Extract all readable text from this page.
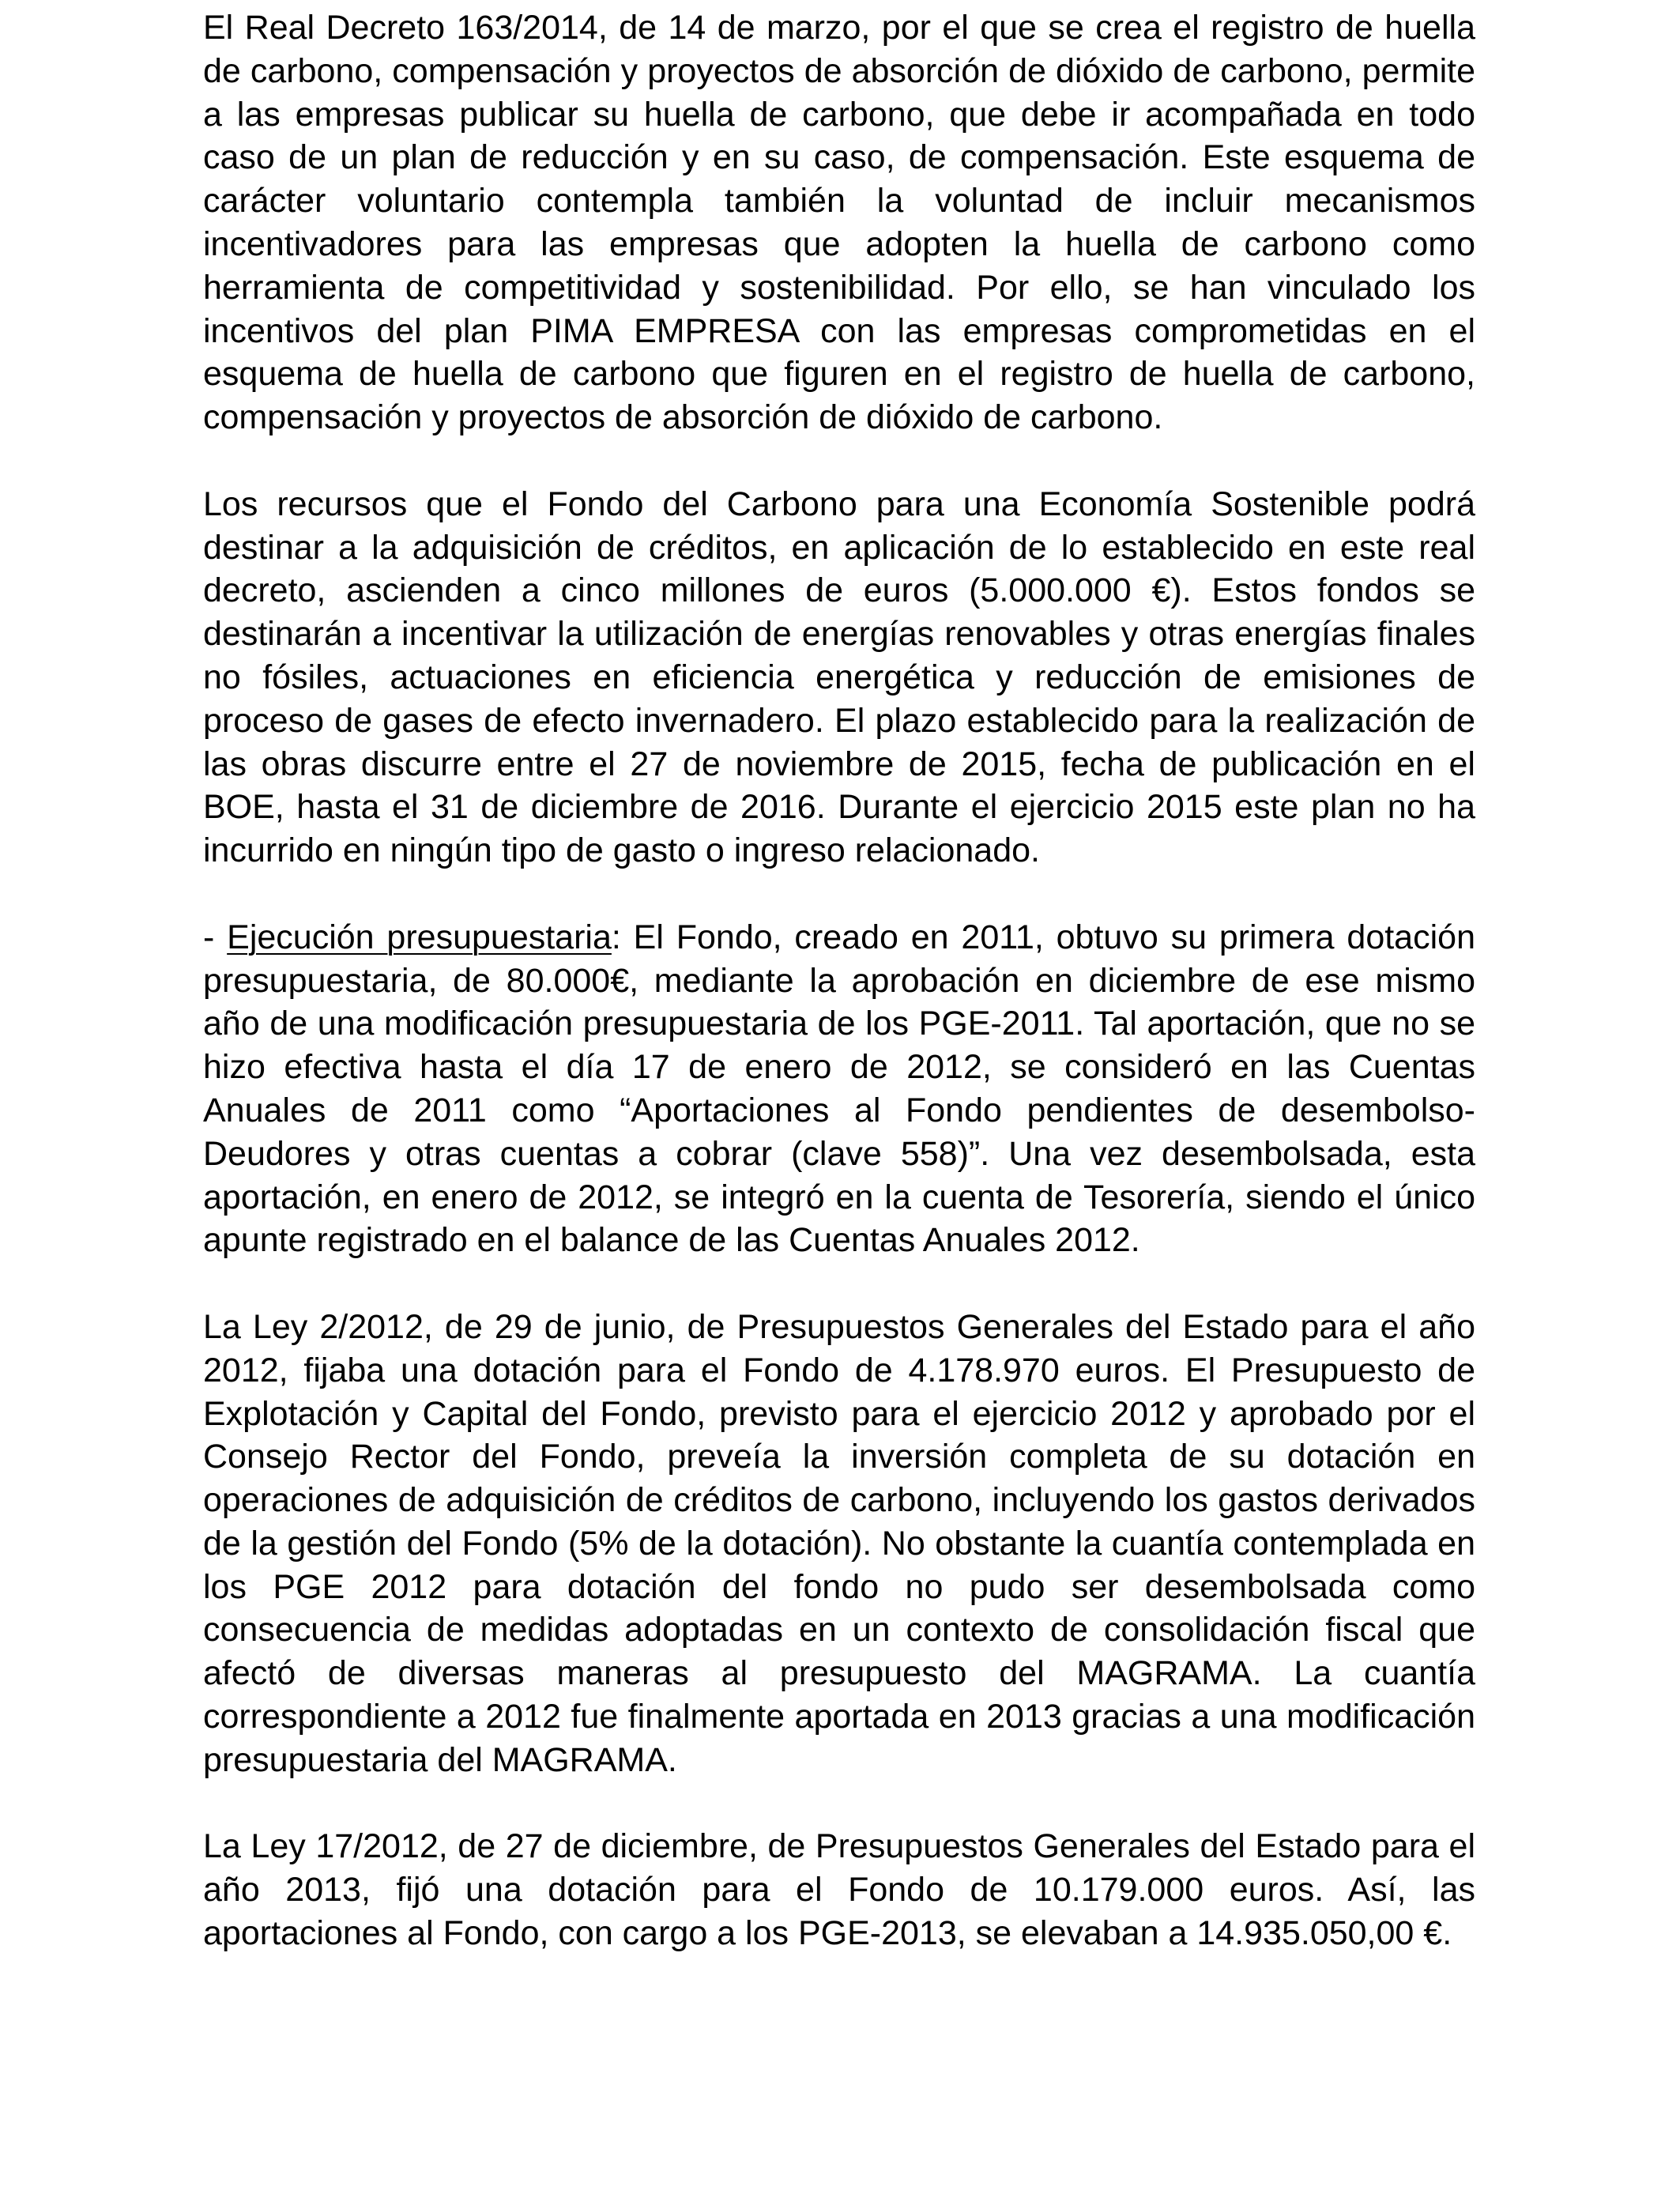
El Real Decreto 163/2014, de 14 de marzo, por el que se crea el registro de huella de carbono, compensación y proyectos de absorción de dióxido de carbono, permite a las empresas publicar su huella de carbono, que debe ir acompañada en todo caso de un plan de reducción y en su caso, de compensación. Este esquema de carácter voluntario contempla también la voluntad de incluir mecanismos incentivadores para las empresas que adopten la huella de carbono como herramienta de competitividad y sostenibilidad. Por ello, se han vinculado los incentivos del plan PIMA EMPRESA con las empresas comprometidas en el esquema de huella de carbono que figuren en el registro de huella de carbono, compensación y proyectos de absorción de dióxido de carbono.

Los recursos que el Fondo del Carbono para una Economía Sostenible podrá destinar a la adquisición de créditos, en aplicación de lo establecido en este real decreto, ascienden a cinco millones de euros (5.000.000 €). Estos fondos se destinarán a incentivar la utilización de energías renovables y otras energías finales no fósiles, actuaciones en eficiencia energética y reducción de emisiones de proceso de gases de efecto invernadero. El plazo establecido para la realización de las obras discurre entre el 27 de noviembre de 2015, fecha de publicación en el BOE, hasta el 31 de diciembre de 2016. Durante el ejercicio 2015 este plan no ha incurrido en ningún tipo de gasto o ingreso relacionado.

- Ejecución presupuestaria: El Fondo, creado en 2011, obtuvo su primera dotación presupuestaria, de 80.000€, mediante la aprobación en diciembre de ese mismo año de una modificación presupuestaria de los PGE-2011. Tal aportación, que no se hizo efectiva hasta el día 17 de enero de 2012, se consideró en las Cuentas Anuales de 2011 como “Aportaciones al Fondo pendientes de desembolso-Deudores y otras cuentas a cobrar (clave 558)”. Una vez desembolsada, esta aportación, en enero de 2012, se integró en la cuenta de Tesorería, siendo el único apunte registrado en el balance de las Cuentas Anuales 2012.

La Ley 2/2012, de 29 de junio, de Presupuestos Generales del Estado para el año 2012, fijaba una dotación para el Fondo de 4.178.970 euros. El Presupuesto de Explotación y Capital del Fondo, previsto para el ejercicio 2012 y aprobado por el Consejo Rector del Fondo, preveía la inversión completa de su dotación en operaciones de adquisición de créditos de carbono, incluyendo los gastos derivados de la gestión del Fondo (5% de la dotación). No obstante la cuantía contemplada en los PGE 2012 para dotación del fondo no pudo ser desembolsada como consecuencia de medidas adoptadas en un contexto de consolidación fiscal que afectó de diversas maneras al presupuesto del MAGRAMA. La cuantía correspondiente a 2012 fue finalmente aportada en 2013 gracias a una modificación presupuestaria del MAGRAMA.

La Ley 17/2012, de 27 de diciembre, de Presupuestos Generales del Estado para el año 2013, fijó una dotación para el Fondo de 10.179.000 euros. Así, las aportaciones al Fondo, con cargo a los PGE-2013, se elevaban a 14.935.050,00 €.
